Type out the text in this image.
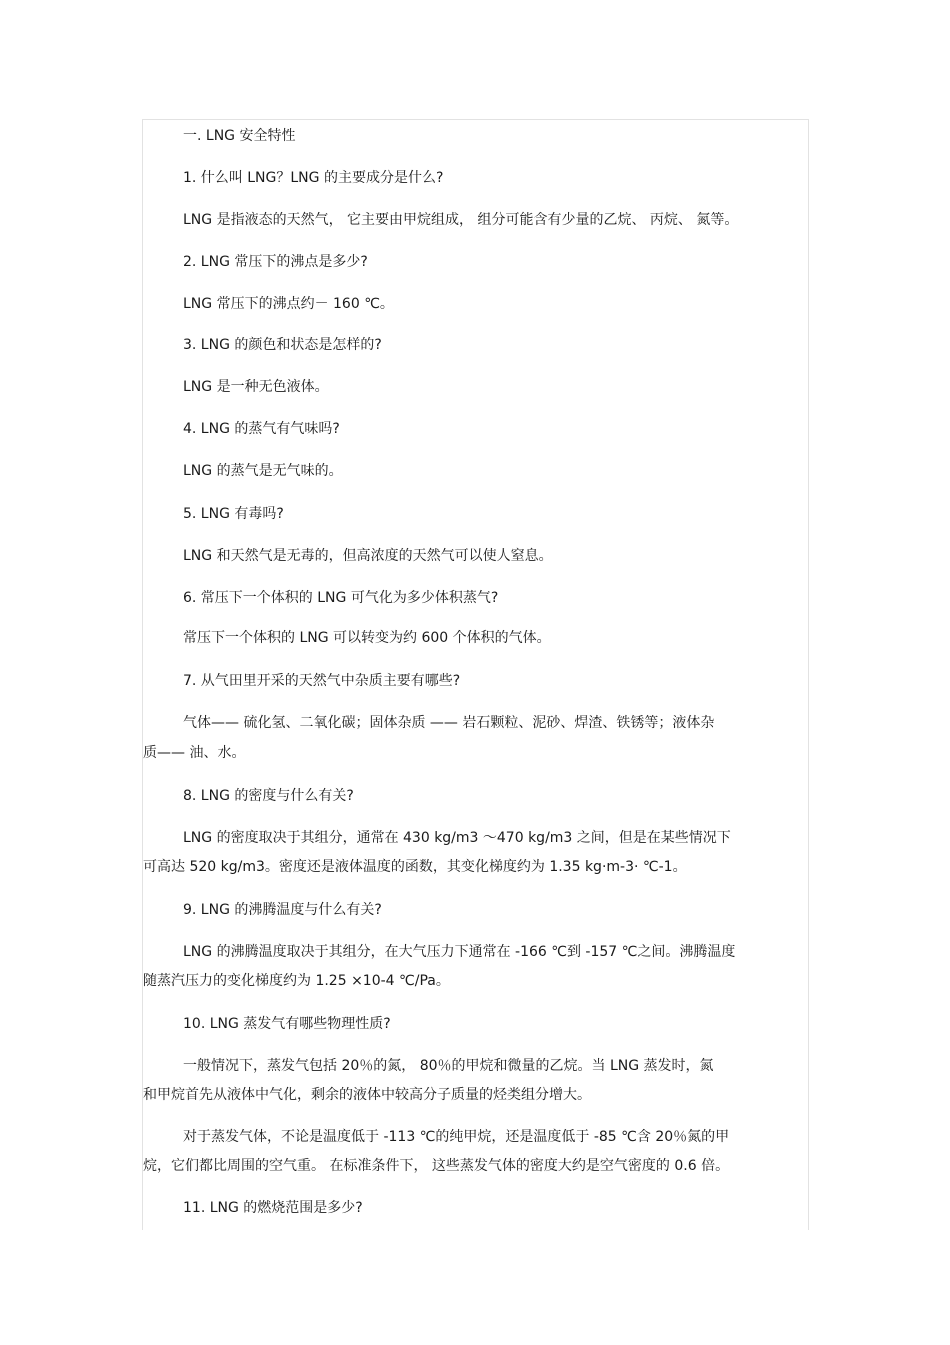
一. LNG 安全特性

1. 什么叫 LNG？LNG 的主要成分是什么?

LNG 是指液态的天然气， 它主要由甲烷组成， 组分可能含有少量的乙烷、 丙烷、 氮等。

2. LNG 常压下的沸点是多少?

LNG 常压下的沸点约－ 160 ℃。

3. LNG 的颜色和状态是怎样的?

LNG 是一种无色液体。

4. LNG 的蒸气有气味吗?

LNG 的蒸气是无气味的。

5. LNG 有毒吗?

LNG 和天然气是无毒的，但高浓度的天然气可以使人窒息。

6. 常压下一个体积的 LNG 可气化为多少体积蒸气?

常压下一个体积的 LNG 可以转变为约 600 个体积的气体。

7. 从气田里开采的天然气中杂质主要有哪些?

气体—— 硫化氢、二氧化碳；固体杂质 —— 岩石颗粒、泥砂、焊渣、铁锈等；液体杂

质—— 油、水。

8. LNG 的密度与什么有关?

LNG 的密度取决于其组分，通常在 430 kg/m3 ～470 kg/m3 之间，但是在某些情况下

可高达 520 kg/m3。密度还是液体温度的函数，其变化梯度约为 1.35 kg·m-3· ℃-1。

9. LNG 的沸腾温度与什么有关?

LNG 的沸腾温度取决于其组分，在大气压力下通常在 -166 ℃到 -157 ℃之间。沸腾温度

随蒸汽压力的变化梯度约为 1.25 ×10-4 ℃/Pa。

10. LNG 蒸发气有哪些物理性质?

一般情况下，蒸发气包括 20％的氮， 80％的甲烷和微量的乙烷。当 LNG 蒸发时，氮

和甲烷首先从液体中气化，剩余的液体中较高分子质量的烃类组分增大。

对于蒸发气体，不论是温度低于 -113 ℃的纯甲烷，还是温度低于 -85 ℃含 20％氮的甲

烷，它们都比周围的空气重。 在标准条件下， 这些蒸发气体的密度大约是空气密度的 0.6 倍。

11. LNG 的燃烧范围是多少?
